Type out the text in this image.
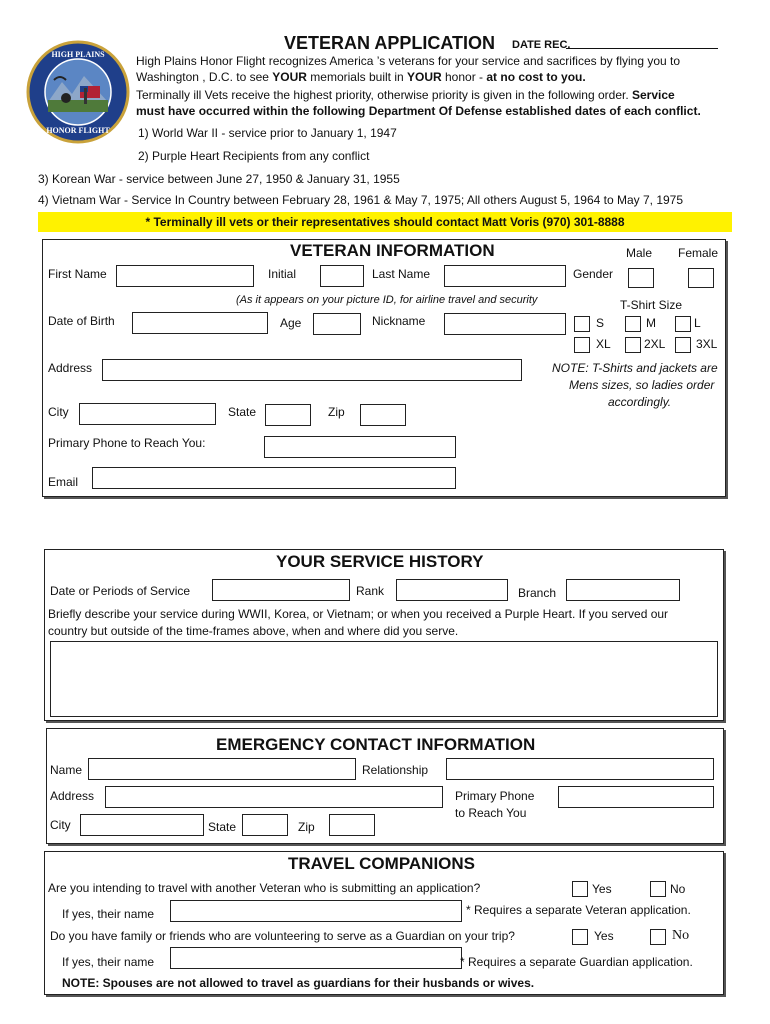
HIGH PLAINS
HONOR FLIGHT
VETERAN APPLICATION DATE REC.
High Plains Honor Flight recognizes America ’s veterans for your service and sacrifices by flying you to
Washington , D.C. to see YOUR memorials built in YOUR honor - at no cost to you.
Terminally ill Vets receive the highest priority, otherwise priority is given in the following order. Service
must have occurred within the following Department Of Defense established dates of each conflict.
1) World War II - service prior to January 1, 1947
2) Purple Heart Recipients from any conflict
3) Korean War - service between June 27, 1950 & January 31, 1955
4) Vietnam War - Service In Country between February 28, 1961 & May 7, 1975; All others August 5, 1964 to May 7, 1975
* Terminally ill vets or their representatives should contact Matt Voris (970) 301-8888
VETERAN INFORMATION	Male Female
First Name	Initial	Last Name	Gender
(As it appears on your picture ID, for airline travel and security	T-Shirt Size
Date of Birth	Age	Nickname	S	M	L
XL	2XL	3XL
Address	NOTE: T-Shirts and jackets are
Mens sizes, so ladies order
accordingly.
City	State	Zip
Primary Phone to Reach You:
Email
YOUR SERVICE HISTORY
Date or Periods of Service	Rank	Branch
Briefly describe your service during WWII, Korea, or Vietnam; or when you received a Purple Heart. If you served our
country but outside of the time-frames above, when and where did you serve.
EMERGENCY CONTACT INFORMATION
Name	Relationship
Address	Primary Phone
to Reach You
City	State	Zip
TRAVEL COMPANIONS
Are you intending to travel with another Veteran who is submitting an application?	Yes	No
If yes, their name	* Requires a separate Veteran application.
Do you have family or friends who are volunteering to serve as a Guardian on your trip?	Yes	No
If yes, their name	* Requires a separate Guardian application.
NOTE: Spouses are not allowed to travel as guardians for their husbands or wives.
